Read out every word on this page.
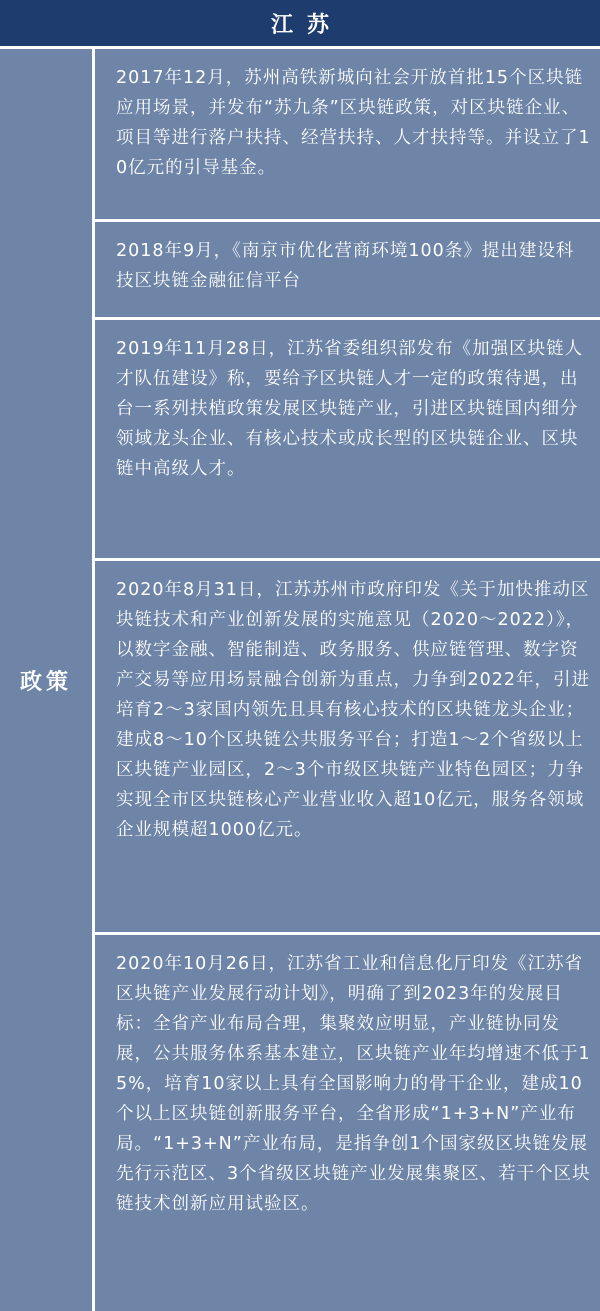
江苏
政策
2017年12月，苏州高铁新城向社会开放首批15个区块链应用场景，并发布“苏九条”区块链政策，对区块链企业、项目等进行落户扶持、经营扶持、人才扶持等。并设立了10亿元的引导基金。
2018年9月，《南京市优化营商环境100条》提出建设科技区块链金融征信平台
2019年11月28日，江苏省委组织部发布《加强区块链人才队伍建设》称，要给予区块链人才一定的政策待遇，出台一系列扶植政策发展区块链产业，引进区块链国内细分领域龙头企业、有核心技术或成长型的区块链企业、区块链中高级人才。
2020年8月31日，江苏苏州市政府印发《关于加快推动区块链技术和产业创新发展的实施意见（2020～2022）》，以数字金融、智能制造、政务服务、供应链管理、数字资产交易等应用场景融合创新为重点，力争到2022年，引进培育2～3家国内领先且具有核心技术的区块链龙头企业；建成8～10个区块链公共服务平台；打造1～2个省级以上区块链产业园区，2～3个市级区块链产业特色园区；力争实现全市区块链核心产业营业收入超10亿元，服务各领域企业规模超1000亿元。
2020年10月26日，江苏省工业和信息化厅印发《江苏省区块链产业发展行动计划》，明确了到2023年的发展目标：全省产业布局合理，集聚效应明显，产业链协同发展，公共服务体系基本建立，区块链产业年均增速不低于15%，培育10家以上具有全国影响力的骨干企业，建成10个以上区块链创新服务平台，全省形成“1+3+N”产业布局。“1+3+N”产业布局，是指争创1个国家级区块链发展先行示范区、3个省级区块链产业发展集聚区、若干个区块链技术创新应用试验区。
